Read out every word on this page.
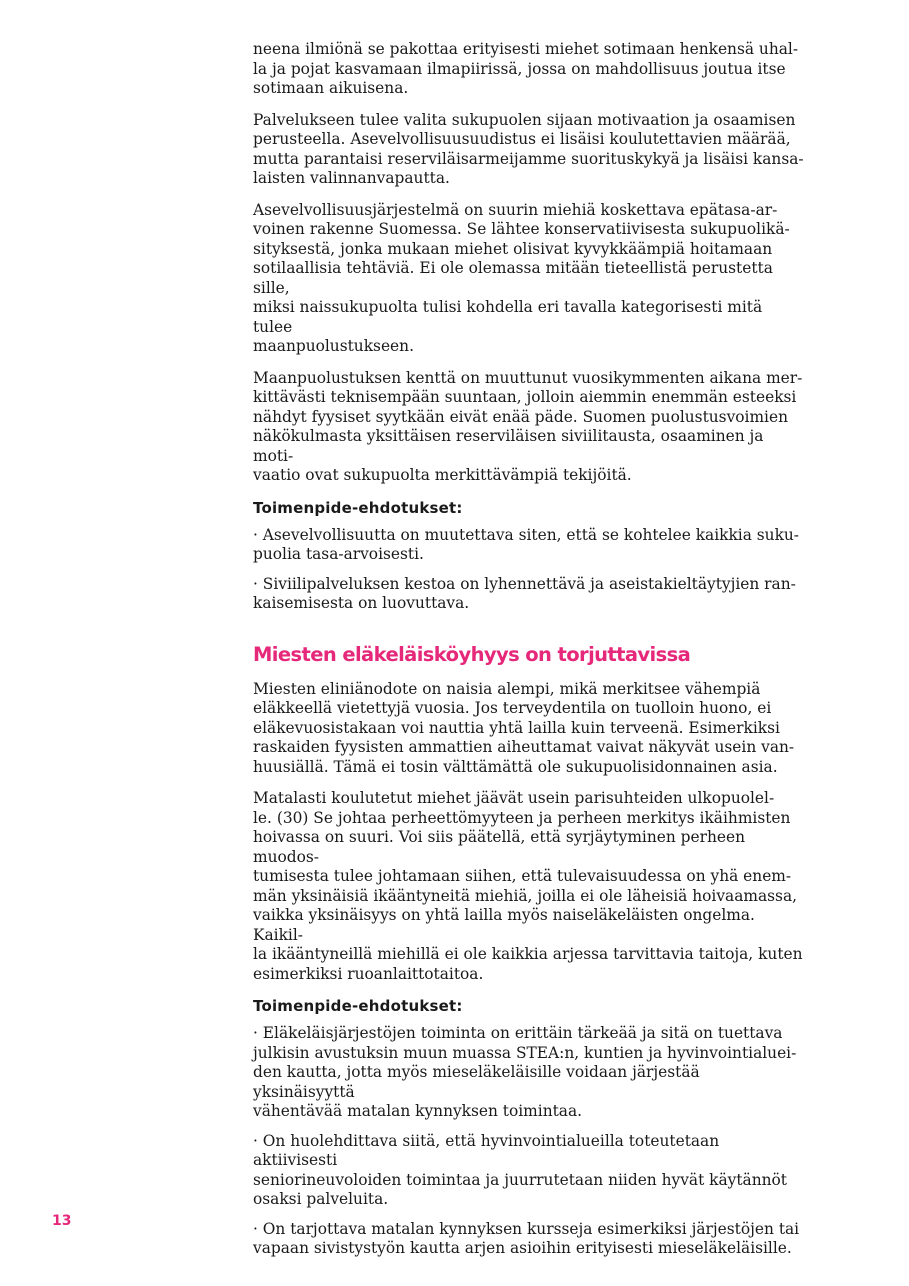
neena ilmiönä se pakottaa erityisesti miehet sotimaan henkensä uhal-
la ja pojat kasvamaan ilmapiirissä, jossa on mahdollisuus joutua itse
sotimaan aikuisena.

Palvelukseen tulee valita sukupuolen sijaan motivaation ja osaamisen
perusteella. Asevelvollisuusuudistus ei lisäisi koulutettavien määrää,
mutta parantaisi reserviläisarmeijamme suorituskykyä ja lisäisi kansa-
laisten valinnanvapautta.

Asevelvollisuusjärjestelmä on suurin miehiä koskettava epätasa-ar-
voinen rakenne Suomessa. Se lähtee konservatiivisesta sukupuolikä-
sityksestä, jonka mukaan miehet olisivat kyvykkäämpiä hoitamaan
sotilaallisia tehtäviä. Ei ole olemassa mitään tieteellistä perustetta sille,
miksi naissukupuolta tulisi kohdella eri tavalla kategorisesti mitä tulee
maanpuolustukseen.

Maanpuolustuksen kenttä on muuttunut vuosikymmenten aikana mer-
kittävästi teknisempään suuntaan, jolloin aiemmin enemmän esteeksi
nähdyt fyysiset syytkään eivät enää päde. Suomen puolustusvoimien
näkökulmasta yksittäisen reserviläisen siviilitausta, osaaminen ja moti-
vaatio ovat sukupuolta merkittävämpiä tekijöitä.

Toimenpide-ehdotukset:

· Asevelvollisuutta on muutettava siten, että se kohtelee kaikkia suku-
puolia tasa-arvoisesti.

· Siviilipalveluksen kestoa on lyhennettävä ja aseistakieltäytyjien ran-
kaisemisesta on luovuttava.

Miesten eläkeläisköyhyys on torjuttavissa

Miesten eliniänodote on naisia alempi, mikä merkitsee vähempiä
eläkkeellä vietettyjä vuosia. Jos terveydentila on tuolloin huono, ei
eläkevuosistakaan voi nauttia yhtä lailla kuin terveenä. Esimerkiksi
raskaiden fyysisten ammattien aiheuttamat vaivat näkyvät usein van-
huusiällä. Tämä ei tosin välttämättä ole sukupuolisidonnainen asia.

Matalasti koulutetut miehet jäävät usein parisuhteiden ulkopuolel-
le. (30) Se johtaa perheettömyyteen ja perheen merkitys ikäihmisten
hoivassa on suuri. Voi siis päätellä, että syrjäytyminen perheen muodos-
tumisesta tulee johtamaan siihen, että tulevaisuudessa on yhä enem-
män yksinäisiä ikääntyneitä miehiä, joilla ei ole läheisiä hoivaamassa,
vaikka yksinäisyys on yhtä lailla myös naiseläkeläisten ongelma. Kaikil-
la ikääntyneillä miehillä ei ole kaikkia arjessa tarvittavia taitoja, kuten
esimerkiksi ruoanlaittotaitoa.

Toimenpide-ehdotukset:

· Eläkeläisjärjestöjen toiminta on erittäin tärkeää ja sitä on tuettava
julkisin avustuksin muun muassa STEA:n, kuntien ja hyvinvointialuei-
den kautta, jotta myös mieseläkeläisille voidaan järjestää yksinäisyyttä
vähentävää matalan kynnyksen toimintaa.

· On huolehdittava siitä, että hyvinvointialueilla toteutetaan aktiivisesti
seniorineuvoloiden toimintaa ja juurrutetaan niiden hyvät käytännöt
osaksi palveluita.

· On tarjottava matalan kynnyksen kursseja esimerkiksi järjestöjen tai
vapaan sivistystyön kautta arjen asioihin erityisesti mieseläkeläisille.

13
